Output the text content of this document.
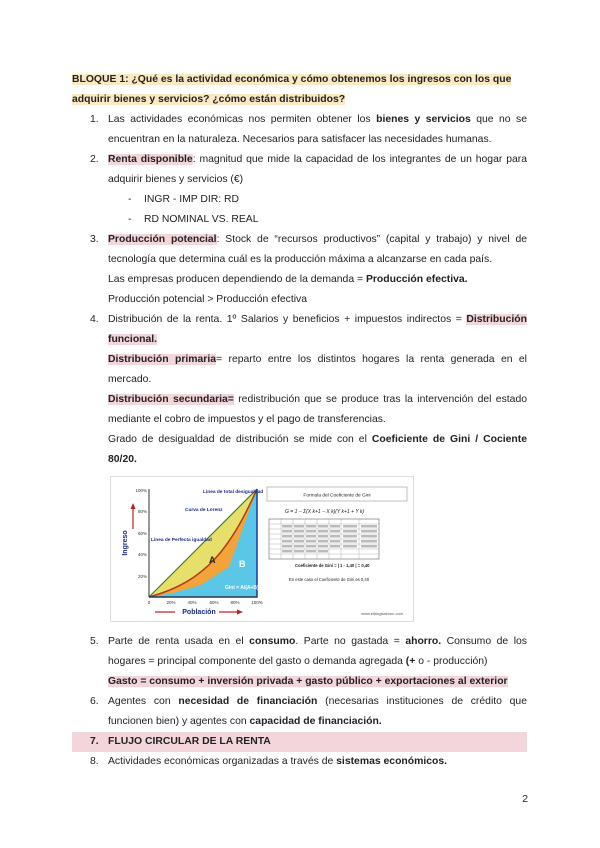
BLOQUE 1: ¿Qué es la actividad económica y cómo obtenemos los ingresos con los que
adquirir bienes y servicios? ¿cómo están distribuidos?
1. Las actividades económicas nos permiten obtener los bienes y servicios que no se encuentran en la naturaleza. Necesarios para satisfacer las necesidades humanas.
2. Renta disponible: magnitud que mide la capacidad de los integrantes de un hogar para adquirir bienes y servicios (€)
- INGR - IMP DIR: RD
- RD NOMINAL VS. REAL
3. Producción potencial: Stock de “recursos productivos” (capital y trabajo) y nivel de tecnología que determina cuál es la producción máxima a alcanzarse en cada país.
Las empresas producen dependiendo de la demanda = Producción efectiva.
Producción potencial > Producción efectiva
4. Distribución de la renta. 1º Salarios y beneficios + impuestos indirectos = Distribución funcional.
Distribución primaria= reparto entre los distintos hogares la renta generada en el mercado.
Distribución secundaria= redistribución que se produce tras la intervención del estado mediante el cobro de impuestos y el pago de transferencias.
Grado de desigualdad de distribución se mide con el Coeficiente de Gini / Cociente 80/20.
100%
80%
60%
40%
20%
0	20%	40%	60%	80%	100%
Ingreso
Población
Linea de total desigualdad
Curva de Lorenz
Linea de Perfecta igualdad
A	B
Gini = A/(A+B)
Formula del Coeficiente de Gini
G = 1 − Σ(X k+1 − X k)(Y k+1 + Y k)
Coeficiente de Gini = | 1 - 1,40 | = 0,40
En este caso el Coeficiente de Gini es 0,40
www.elblogsalmon.com
5. Parte de renta usada en el consumo. Parte no gastada = ahorro. Consumo de los hogares = principal componente del gasto o demanda agregada (+ o - producción)
Gasto = consumo + inversión privada + gasto público + exportaciones al exterior
6. Agentes con necesidad de financiación (necesarias instituciones de crédito que funcionen bien) y agentes con capacidad de financiación.
7. FLUJO CIRCULAR DE LA RENTA
8. Actividades económicas organizadas a través de sistemas económicos.
2
